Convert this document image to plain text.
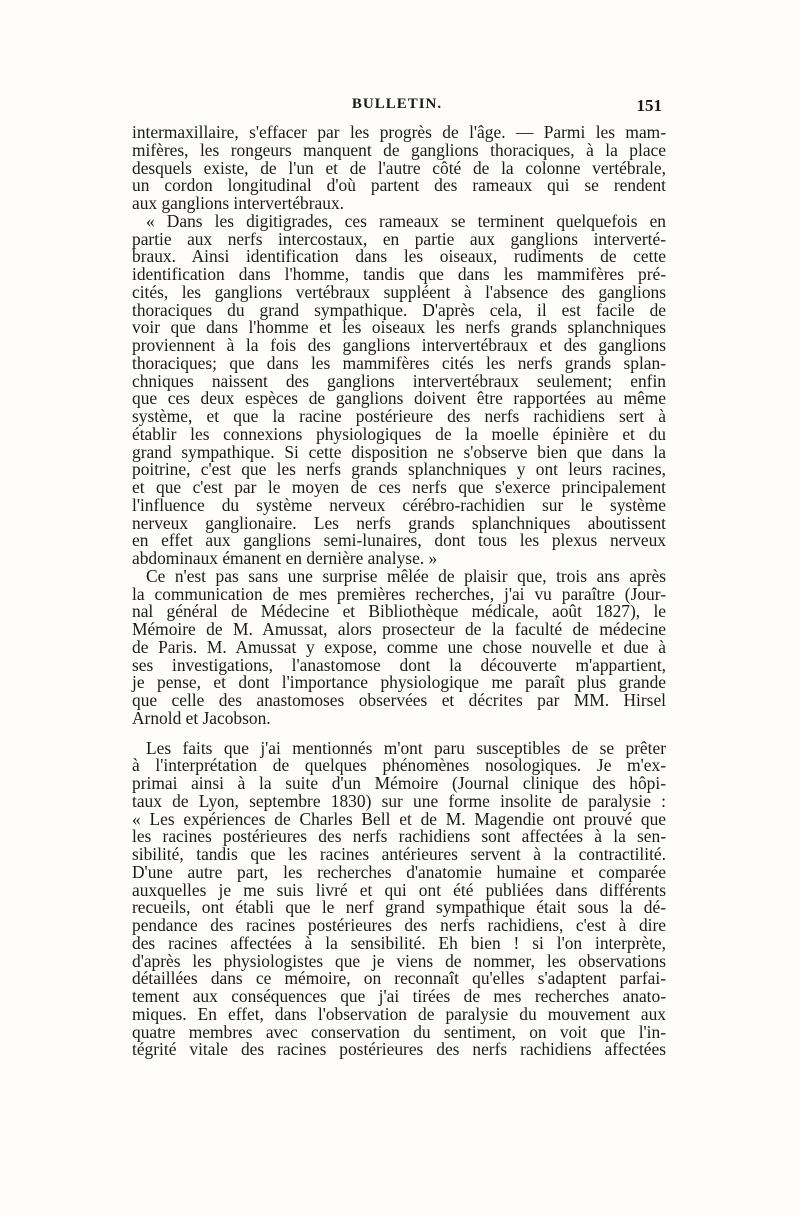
BULLETIN.	151
intermaxillaire, s'effacer par les progrès de l'âge. — Parmi les mam-
mifères, les rongeurs manquent de ganglions thoraciques, à la place
desquels existe, de l'un et de l'autre côté de la colonne vertébrale,
un cordon longitudinal d'où partent des rameaux qui se rendent
aux ganglions intervertébraux.
« Dans les digitigrades, ces rameaux se terminent quelquefois en
partie aux nerfs intercostaux, en partie aux ganglions interverté-
braux. Ainsi identification dans les oiseaux, rudiments de cette
identification dans l'homme, tandis que dans les mammifères pré-
cités, les ganglions vertébraux suppléent à l'absence des ganglions
thoraciques du grand sympathique. D'après cela, il est facile de
voir que dans l'homme et les oiseaux les nerfs grands splanchniques
proviennent à la fois des ganglions intervertébraux et des ganglions
thoraciques; que dans les mammifères cités les nerfs grands splan-
chniques naissent des ganglions intervertébraux seulement; enfin
que ces deux espèces de ganglions doivent être rapportées au même
système, et que la racine postérieure des nerfs rachidiens sert à
établir les connexions physiologiques de la moelle épinière et du
grand sympathique. Si cette disposition ne s'observe bien que dans la
poitrine, c'est que les nerfs grands splanchniques y ont leurs racines,
et que c'est par le moyen de ces nerfs que s'exerce principalement
l'influence du système nerveux cérébro-rachidien sur le système
nerveux ganglionaire. Les nerfs grands splanchniques aboutissent
en effet aux ganglions semi-lunaires, dont tous les plexus nerveux
abdominaux émanent en dernière analyse. »
Ce n'est pas sans une surprise mêlée de plaisir que, trois ans après
la communication de mes premières recherches, j'ai vu paraître (Jour-
nal général de Médecine et Bibliothèque médicale, août 1827), le
Mémoire de M. Amussat, alors prosecteur de la faculté de médecine
de Paris. M. Amussat y expose, comme une chose nouvelle et due à
ses investigations, l'anastomose dont la découverte m'appartient,
je pense, et dont l'importance physiologique me paraît plus grande
que celle des anastomoses observées et décrites par MM. Hirsel
Arnold et Jacobson.
Les faits que j'ai mentionnés m'ont paru susceptibles de se prêter
à l'interprétation de quelques phénomènes nosologiques. Je m'ex-
primai ainsi à la suite d'un Mémoire (Journal clinique des hôpi-
taux de Lyon, septembre 1830) sur une forme insolite de paralysie :
« Les expériences de Charles Bell et de M. Magendie ont prouvé que
les racines postérieures des nerfs rachidiens sont affectées à la sen-
sibilité, tandis que les racines antérieures servent à la contractilité.
D'une autre part, les recherches d'anatomie humaine et comparée
auxquelles je me suis livré et qui ont été publiées dans différents
recueils, ont établi que le nerf grand sympathique était sous la dé-
pendance des racines postérieures des nerfs rachidiens, c'est à dire
des racines affectées à la sensibilité. Eh bien ! si l'on interprète,
d'après les physiologistes que je viens de nommer, les observations
détaillées dans ce mémoire, on reconnaît qu'elles s'adaptent parfai-
tement aux conséquences que j'ai tirées de mes recherches anato-
miques. En effet, dans l'observation de paralysie du mouvement aux
quatre membres avec conservation du sentiment, on voit que l'in-
tégrité vitale des racines postérieures des nerfs rachidiens affectées
